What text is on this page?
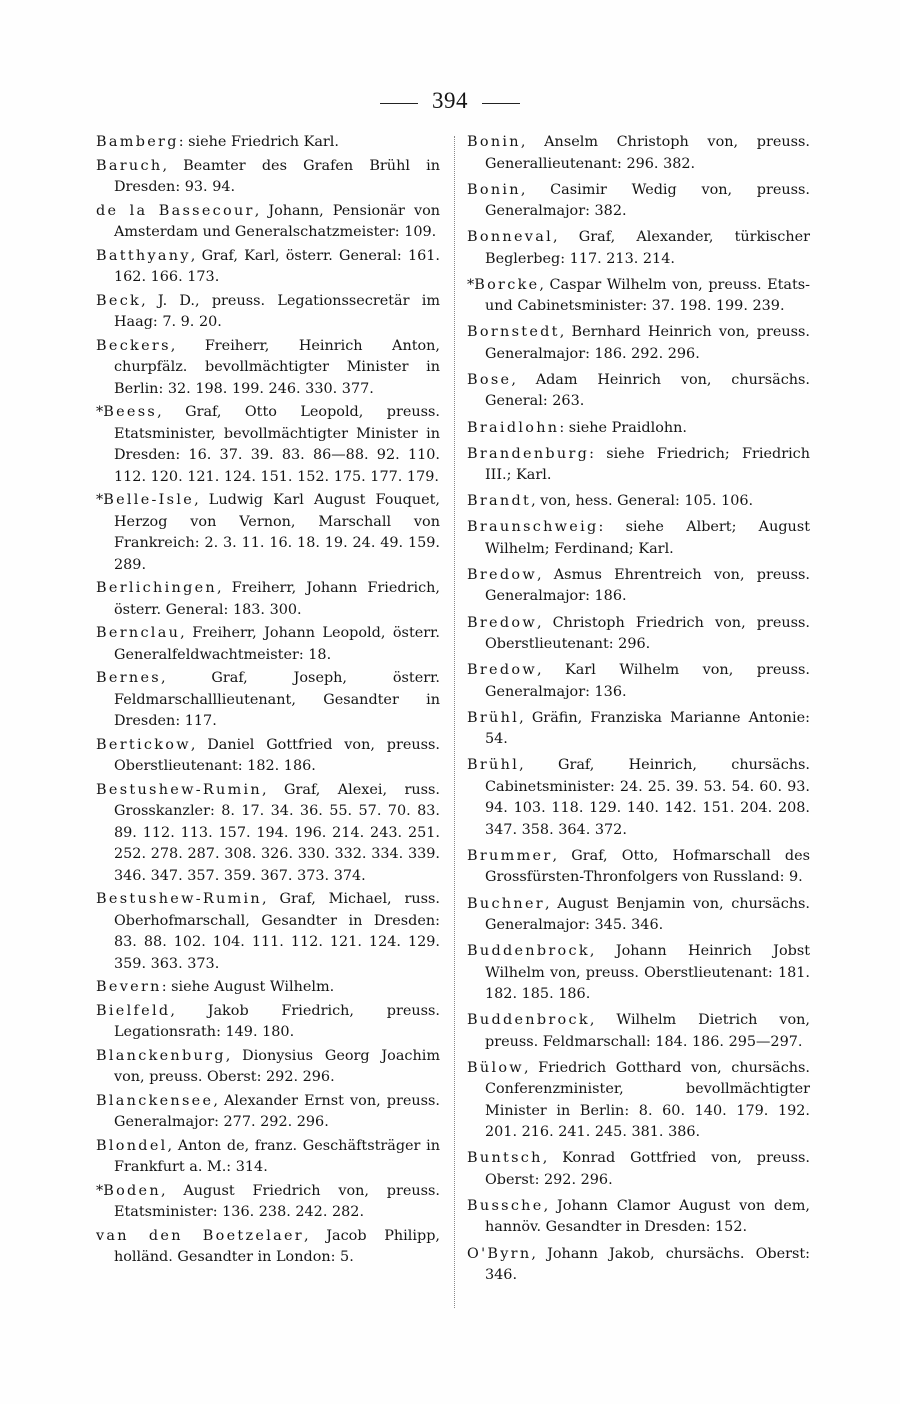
394

Bamberg: siehe Friedrich Karl.

Baruch, Beamter des Grafen Brühl in Dresden: 93. 94.

de la Bassecour, Johann, Pensionär von Amsterdam und Generalschatzmeister: 109.

Batthyany, Graf, Karl, österr. General: 161. 162. 166. 173.

Beck, J. D., preuss. Legationssecretär im Haag: 7. 9. 20.

Beckers, Freiherr, Heinrich Anton, churpfälz. bevollmächtigter Minister in Berlin: 32. 198. 199. 246. 330. 377.

*Beess, Graf, Otto Leopold, preuss. Etatsminister, bevollmächtigter Minister in Dresden: 16. 37. 39. 83. 86—88. 92. 110. 112. 120. 121. 124. 151. 152. 175. 177. 179.

*Belle-Isle, Ludwig Karl August Fouquet, Herzog von Vernon, Marschall von Frankreich: 2. 3. 11. 16. 18. 19. 24. 49. 159. 289.

Berlichingen, Freiherr, Johann Friedrich, österr. General: 183. 300.

Bernclau, Freiherr, Johann Leopold, österr. Generalfeldwachtmeister: 18.

Bernes, Graf, Joseph, österr. Feldmarschalllieutenant, Gesandter in Dresden: 117.

Bertickow, Daniel Gottfried von, preuss. Oberstlieutenant: 182. 186.

Bestushew-Rumin, Graf, Alexei, russ. Grosskanzler: 8. 17. 34. 36. 55. 57. 70. 83. 89. 112. 113. 157. 194. 196. 214. 243. 251. 252. 278. 287. 308. 326. 330. 332. 334. 339. 346. 347. 357. 359. 367. 373. 374.

Bestushew-Rumin, Graf, Michael, russ. Oberhofmarschall, Gesandter in Dresden: 83. 88. 102. 104. 111. 112. 121. 124. 129. 359. 363. 373.

Bevern: siehe August Wilhelm.

Bielfeld, Jakob Friedrich, preuss. Legationsrath: 149. 180.

Blanckenburg, Dionysius Georg Joachim von, preuss. Oberst: 292. 296.

Blanckensee, Alexander Ernst von, preuss. Generalmajor: 277. 292. 296.

Blondel, Anton de, franz. Geschäftsträger in Frankfurt a. M.: 314.

*Boden, August Friedrich von, preuss. Etatsminister: 136. 238. 242. 282.

van den Boetzelaer, Jacob Philipp, holländ. Gesandter in London: 5.

Bonin, Anselm Christoph von, preuss. Generallieutenant: 296. 382.

Bonin, Casimir Wedig von, preuss. Generalmajor: 382.

Bonneval, Graf, Alexander, türkischer Beglerbeg: 117. 213. 214.

*Borcke, Caspar Wilhelm von, preuss. Etats- und Cabinetsminister: 37. 198. 199. 239.

Bornstedt, Bernhard Heinrich von, preuss. Generalmajor: 186. 292. 296.

Bose, Adam Heinrich von, chursächs. General: 263.

Braidlohn: siehe Praidlohn.

Brandenburg: siehe Friedrich; Friedrich III.; Karl.

Brandt, von, hess. General: 105. 106.

Braunschweig: siehe Albert; August Wilhelm; Ferdinand; Karl.

Bredow, Asmus Ehrentreich von, preuss. Generalmajor: 186.

Bredow, Christoph Friedrich von, preuss. Oberstlieutenant: 296.

Bredow, Karl Wilhelm von, preuss. Generalmajor: 136.

Brühl, Gräfin, Franziska Marianne Antonie: 54.

Brühl, Graf, Heinrich, chursächs. Cabinetsminister: 24. 25. 39. 53. 54. 60. 93. 94. 103. 118. 129. 140. 142. 151. 204. 208. 347. 358. 364. 372.

Brummer, Graf, Otto, Hofmarschall des Grossfürsten-Thronfolgers von Russland: 9.

Buchner, August Benjamin von, chursächs. Generalmajor: 345. 346.

Buddenbrock, Johann Heinrich Jobst Wilhelm von, preuss. Oberstlieutenant: 181. 182. 185. 186.

Buddenbrock, Wilhelm Dietrich von, preuss. Feldmarschall: 184. 186. 295—297.

Bülow, Friedrich Gotthard von, chursächs. Conferenzminister, bevollmächtigter Minister in Berlin: 8. 60. 140. 179. 192. 201. 216. 241. 245. 381. 386.

Buntsch, Konrad Gottfried von, preuss. Oberst: 292. 296.

Bussche, Johann Clamor August von dem, hannöv. Gesandter in Dresden: 152.

O'Byrn, Johann Jakob, chursächs. Oberst: 346.
